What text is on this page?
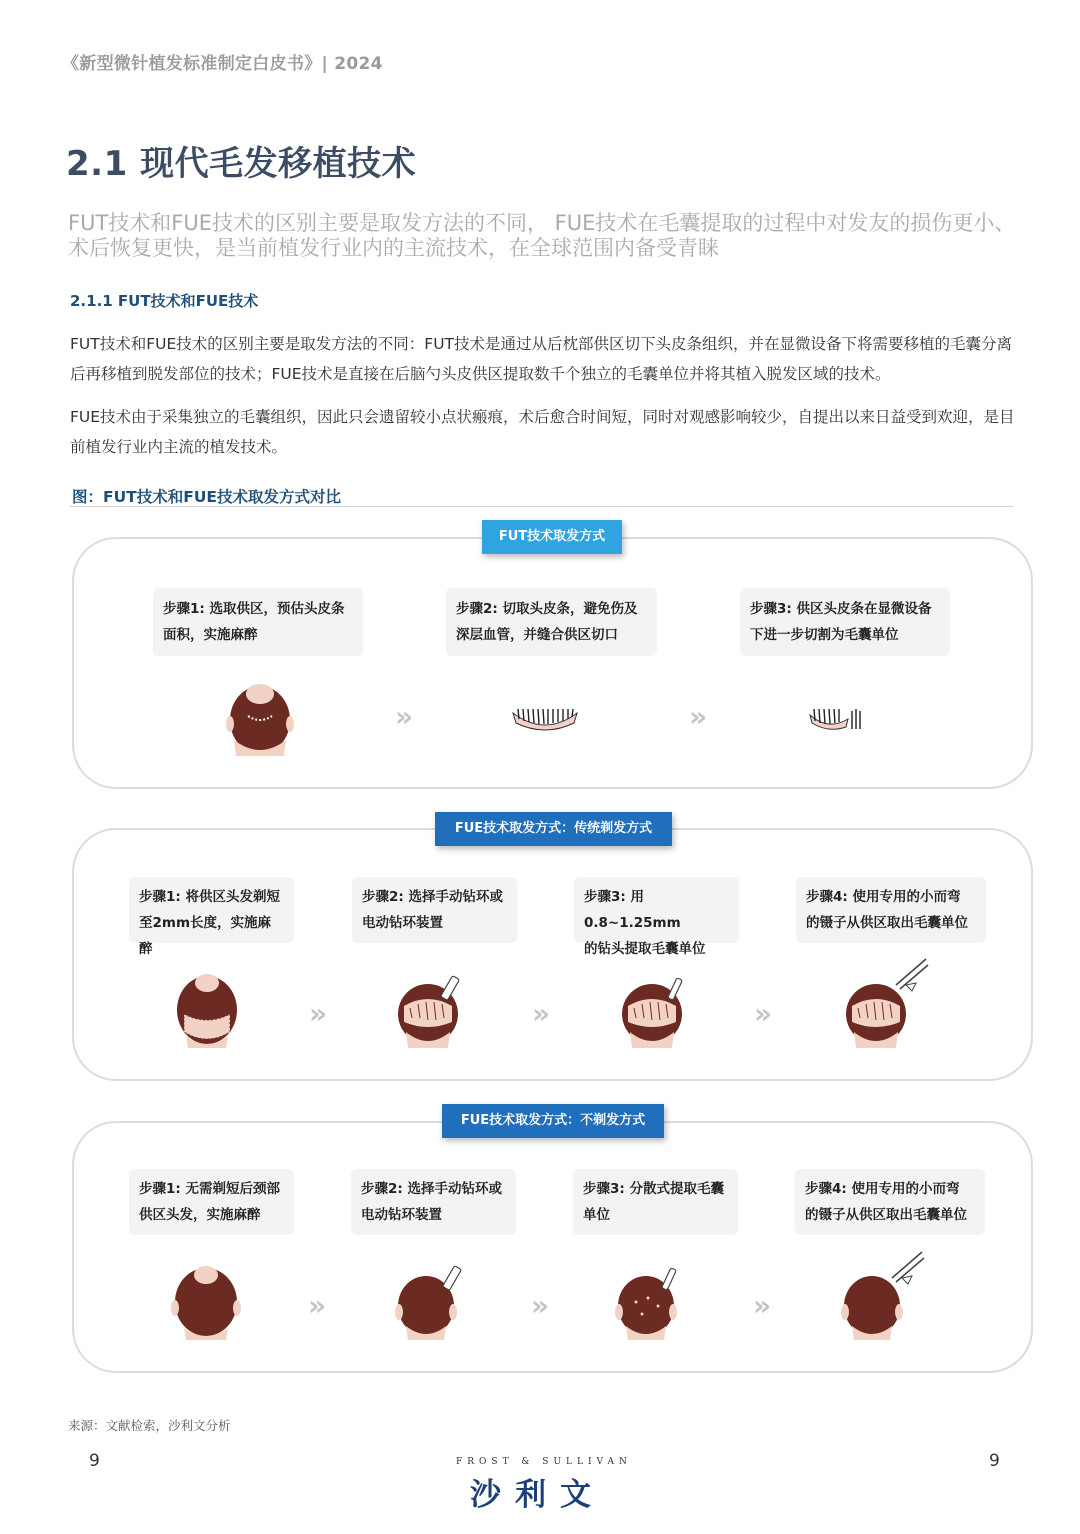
《新型微针植发标准制定白皮书》| 2024
2.1 现代毛发移植技术
FUT技术和FUE技术的区别主要是取发方法的不同， FUE技术在毛囊提取的过程中对发友的损伤更小、术后恢复更快，是当前植发行业内的主流技术，在全球范围内备受青睐
2.1.1 FUT技术和FUE技术
FUT技术和FUE技术的区别主要是取发方法的不同：FUT技术是通过从后枕部供区切下头皮条组织，并在显微设备下将需要移植的毛囊分离后再移植到脱发部位的技术；FUE技术是直接在后脑勺头皮供区提取数千个独立的毛囊单位并将其植入脱发区域的技术。
FUE技术由于采集独立的毛囊组织，因此只会遗留较小点状瘢痕，术后愈合时间短，同时对观感影响较少，自提出以来日益受到欢迎，是目前植发行业内主流的植发技术。
图：FUT技术和FUE技术取发方式对比
FUT技术取发方式
FUE技术取发方式：传统剃发方式
FUE技术取发方式：不剃发方式
步骤1: 选取供区，预估头皮条
面积，实施麻醉
步骤2: 切取头皮条，避免伤及
深层血管，并缝合供区切口
步骤3: 供区头皮条在显微设备
下进一步切割为毛囊单位
»	»
步骤1: 将供区头发剃短
至2mm长度，实施麻醉
步骤2: 选择手动钻环或
电动钻环装置
步骤3: 用0.8~1.25mm
的钻头提取毛囊单位
步骤4: 使用专用的小而弯
的镊子从供区取出毛囊单位
»	»	»
步骤1: 无需剃短后颈部
供区头发，实施麻醉
步骤2: 选择手动钻环或
电动钻环装置
步骤3: 分散式提取毛囊
单位
步骤4: 使用专用的小而弯
的镊子从供区取出毛囊单位
»	»	»
来源：文献检索，沙利文分析
9	9
FROST & SULLIVAN
沙利文
